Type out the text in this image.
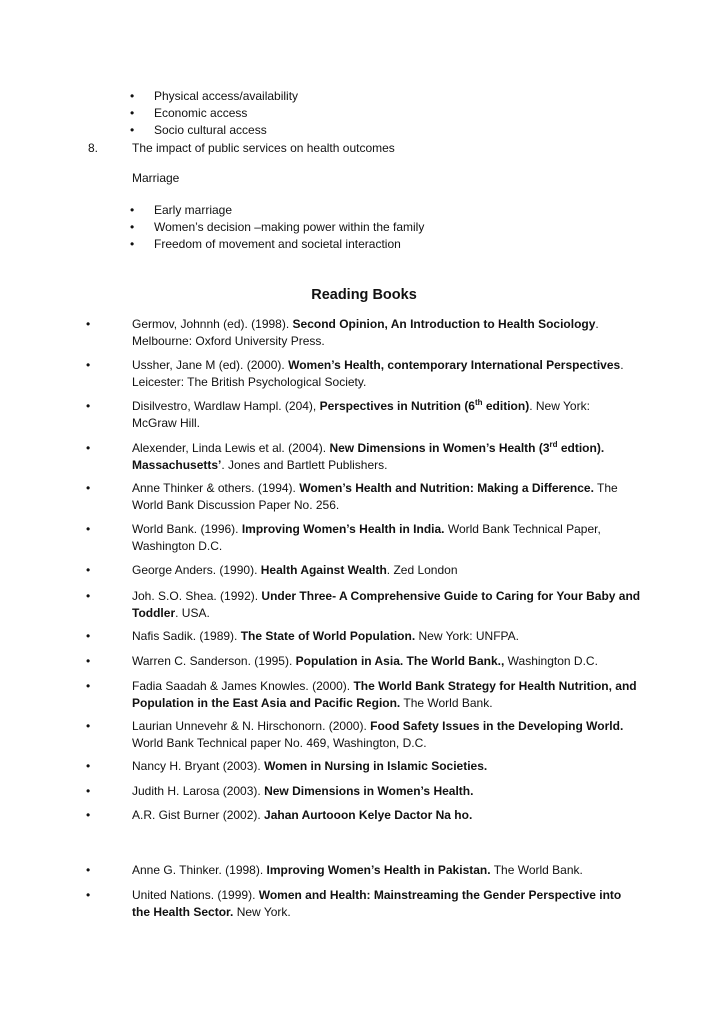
• Physical access/availability
• Economic access
• Socio cultural access
8.	The impact of public services on health outcomes
Marriage
• Early marriage
• Women’s decision –making power within the family
• Freedom of movement and societal interaction
Reading Books
•	Germov, Johnnh (ed). (1998). Second Opinion, An Introduction to Health Sociology.
Melbourne: Oxford University Press.
•	Ussher, Jane M (ed). (2000). Women’s Health, contemporary International Perspectives.
Leicester: The British Psychological Society.
•	Disilvestro, Wardlaw Hampl. (204), Perspectives in Nutrition (6th edition). New York:
McGraw Hill.
•	Alexender, Linda Lewis et al. (2004). New Dimensions in Women’s Health (3rd edtion).
Massachusetts’. Jones and Bartlett Publishers.
•	Anne Thinker & others. (1994). Women’s Health and Nutrition: Making a Difference. The
World Bank Discussion Paper No. 256.
•	World Bank. (1996). Improving Women’s Health in India. World Bank Technical Paper,
Washington D.C.
•	George Anders. (1990). Health Against Wealth. Zed London
•	Joh. S.O. Shea. (1992). Under Three- A Comprehensive Guide to Caring for Your Baby and
Toddler. USA.
•	Nafis Sadik. (1989). The State of World Population. New York: UNFPA.
•	Warren C. Sanderson. (1995). Population in Asia. The World Bank., Washington D.C.
•	Fadia Saadah & James Knowles. (2000). The World Bank Strategy for Health Nutrition, and
Population in the East Asia and Pacific Region. The World Bank.
•	Laurian Unnevehr & N. Hirschonorn. (2000). Food Safety Issues in the Developing World.
World Bank Technical paper No. 469, Washington, D.C.
•	Nancy H. Bryant (2003). Women in Nursing in Islamic Societies.
•	Judith H. Larosa (2003). New Dimensions in Women’s Health.
•	A.R. Gist Burner (2002). Jahan Aurtooon Kelye Dactor Na ho.
•	Anne G. Thinker. (1998). Improving Women’s Health in Pakistan. The World Bank.
•	United Nations. (1999). Women and Health: Mainstreaming the Gender Perspective into
the Health Sector. New York.
